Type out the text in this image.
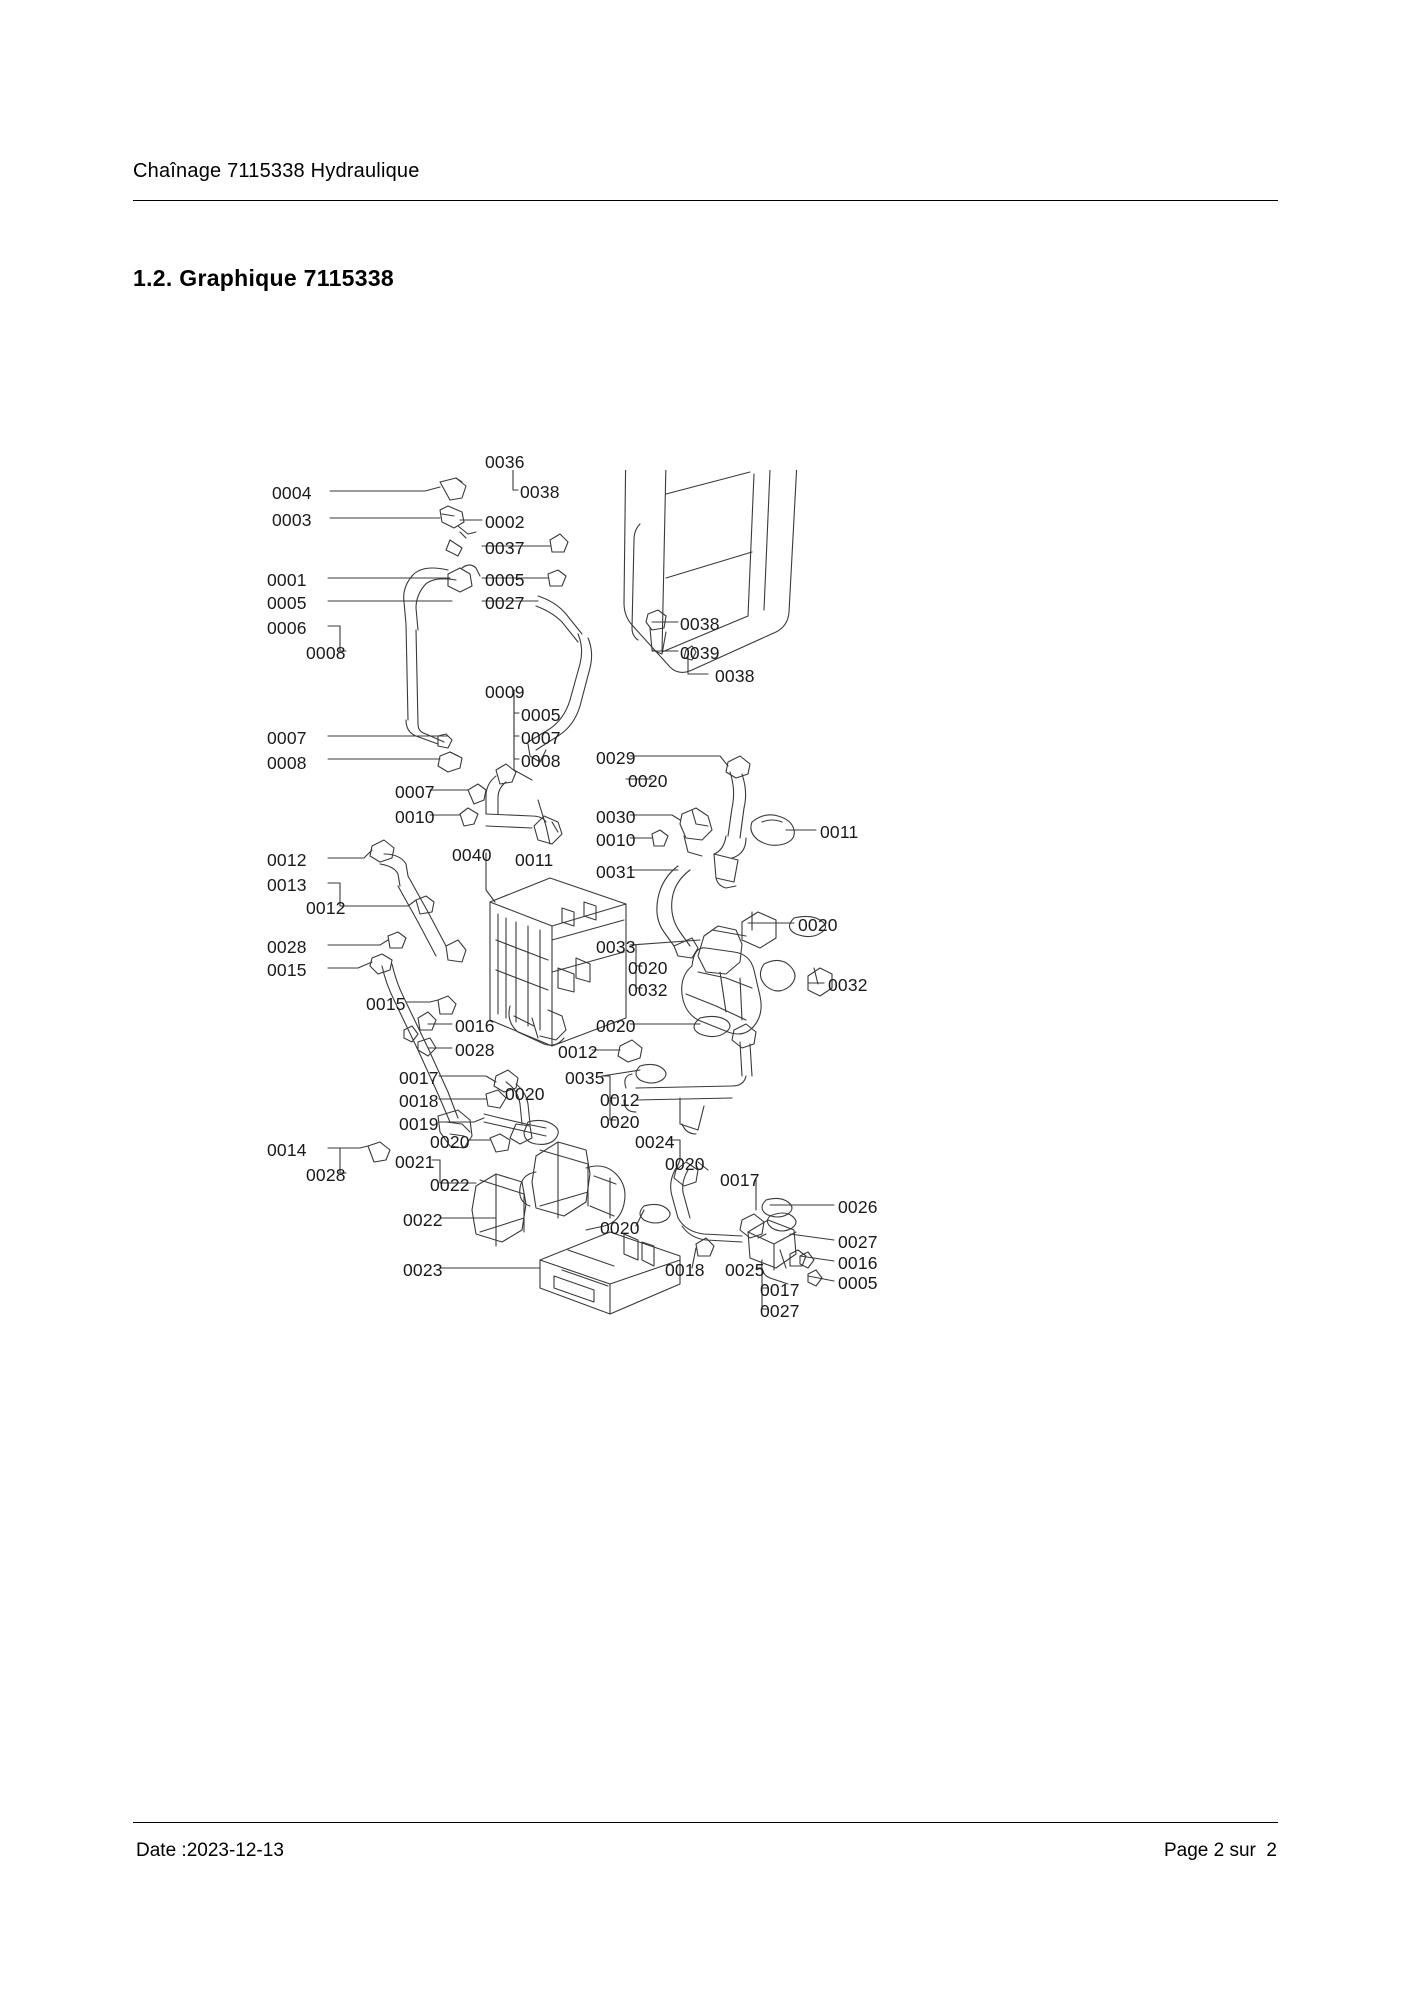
Chaînage 7115338 Hydraulique
1.2. Graphique 7115338
0036
0038
0004
0003	0002
0037
0001
0005
0005
0027
0006
0008
0038
0039
0038
0009
0005
0007	0007
0008	0008 0029
0020
0007
0010	0030
0011
0010
0011
0040
0031
0012
0013
0012
0020
0028	0033
0020
0015
0032	0032
0015
0016	0020
0028	0012
0035
0017
0012
0018	0020
0020
0019
0020
0021
0024
0020
0014
0028	0022	0017
0026
0022	0020
0027
0016
0005
0023	0018 0025
0017
0027
Date :2023-12-13	Page 2 sur  2
